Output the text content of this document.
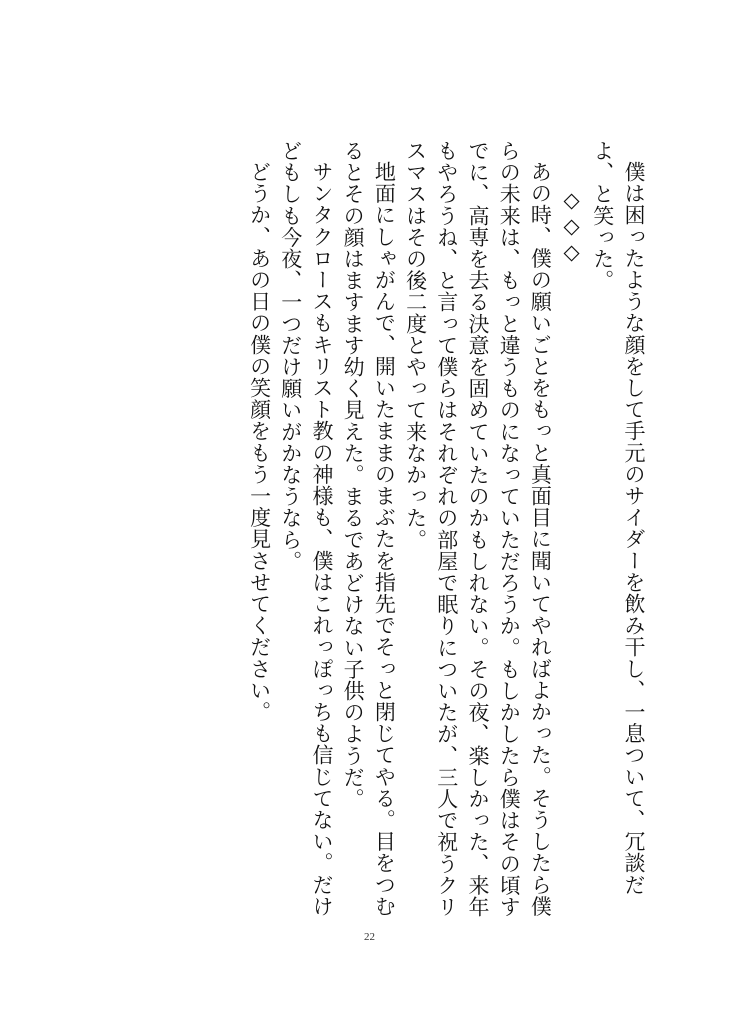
僕は困ったような顔をして手元のサイダーを飲み干し、一息ついて、冗談だよ、と笑った。

◇◇◇

あの時、僕の願いごとをもっと真面目に聞いてやればよかった。そうしたら僕らの未来は、もっと違うものになっていただろうか。もしかしたら僕はその頃すでに、高専を去る決意を固めていたのかもしれない。その夜、楽しかった、来年もやろうね、と言って僕らはそれぞれの部屋で眠りについたが、三人で祝うクリスマスはその後二度とやって来なかった。

地面にしゃがんで、開いたままのまぶたを指先でそっと閉じてやる。目をつむるとその顔はますます幼く見えた。まるであどけない子供のようだ。

サンタクロースもキリスト教の神様も、僕はこれっぽっちも信じてない。だけどもしも今夜、一つだけ願いがかなうなら。

どうか、あの日の僕の笑顔をもう一度見させてください。

22
